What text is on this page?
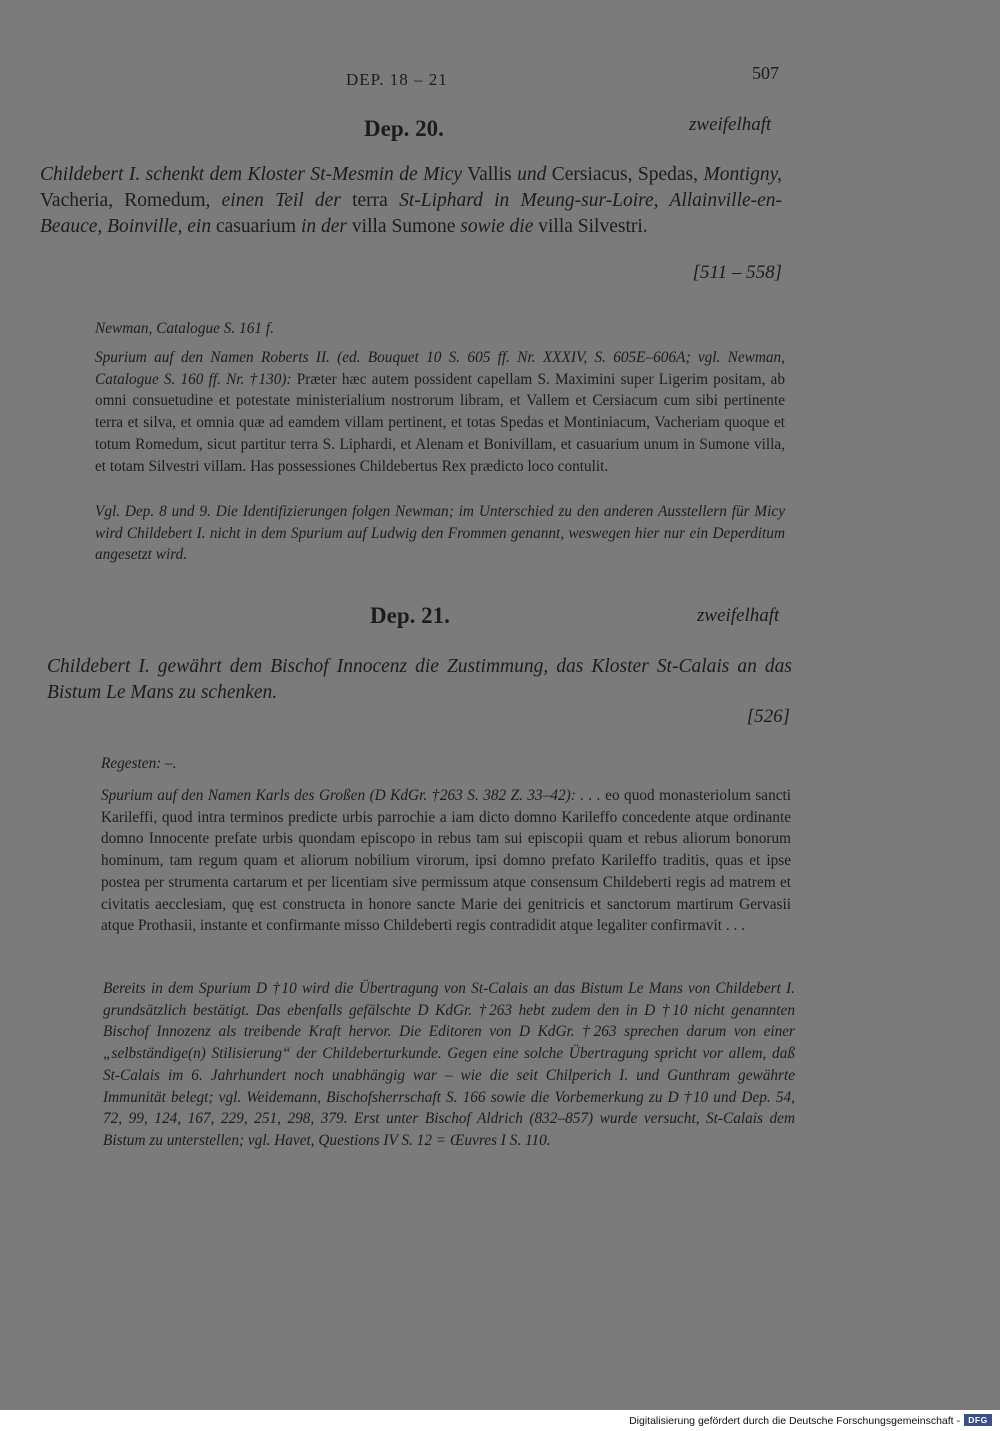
DEP. 18 – 21	507
Dep. 20.	zweifelhaft
Childebert I. schenkt dem Kloster St-Mesmin de Micy Vallis und Cersiacus, Spedas, Montigny, Vacheria, Romedum, einen Teil der terra St-Liphard in Meung-sur-Loire, Allainville-en-Beauce, Boinville, ein casuarium in der villa Sumone sowie die villa Silvestri.
[511 – 558]
Newman, Catalogue S. 161 f.
Spurium auf den Namen Roberts II. (ed. Bouquet 10 S. 605 ff. Nr. XXXIV, S. 605E–606A; vgl. Newman, Catalogue S. 160 ff. Nr. †130): Præter hæc autem possident capellam S. Maximini super Ligerim positam, ab omni consuetudine et potestate ministerialium nostrorum libram, et Vallem et Cersiacum cum sibi pertinente terra et silva, et omnia quæ ad eamdem villam pertinent, et totas Spedas et Montiniacum, Vacheriam quoque et totum Romedum, sicut partitur terra S. Liphardi, et Alenam et Bonivillam, et casuarium unum in Sumone villa, et totam Silvestri villam. Has possessiones Childebertus Rex prædicto loco contulit.
Vgl. Dep. 8 und 9. Die Identifizierungen folgen Newman; im Unterschied zu den anderen Ausstellern für Micy wird Childebert I. nicht in dem Spurium auf Ludwig den Frommen genannt, weswegen hier nur ein Deperditum angesetzt wird.
Dep. 21.	zweifelhaft
Childebert I. gewährt dem Bischof Innocenz die Zustimmung, das Kloster St-Calais an das Bistum Le Mans zu schenken.
[526]
Regesten: –.
Spurium auf den Namen Karls des Großen (D KdGr. †263 S. 382 Z. 33–42): . . . eo quod monasteriolum sancti Karileffi, quod intra terminos predicte urbis parrochie a iam dicto domno Karileffo concedente atque ordinante domno Innocente prefate urbis quondam episcopo in rebus tam sui episcopii quam et rebus aliorum bonorum hominum, tam regum quam et aliorum nobilium virorum, ipsi domno prefato Karileffo traditis, quas et ipse postea per strumenta cartarum et per licentiam sive permissum atque consensum Childeberti regis ad matrem et civitatis aecclesiam, quę est constructa in honore sancte Marie dei genitricis et sanctorum martirum Gervasii atque Prothasii, instante et confirmante misso Childeberti regis contradidit atque legaliter confirmavit . . .
Bereits in dem Spurium D †10 wird die Übertragung von St-Calais an das Bistum Le Mans von Childebert I. grundsätzlich bestätigt. Das ebenfalls gefälschte D KdGr. †263 hebt zudem den in D †10 nicht genannten Bischof Innozenz als treibende Kraft hervor. Die Editoren von D KdGr. †263 sprechen darum von einer „selbständige(n) Stilisierung“ der Childeberturkunde. Gegen eine solche Übertragung spricht vor allem, daß St-Calais im 6. Jahrhundert noch unabhängig war – wie die seit Chilperich I. und Gunthram gewährte Immunität belegt; vgl. Weidemann, Bischofsherrschaft S. 166 sowie die Vorbemerkung zu D †10 und Dep. 54, 72, 99, 124, 167, 229, 251, 298, 379. Erst unter Bischof Aldrich (832–857) wurde versucht, St-Calais dem Bistum zu unterstellen; vgl. Havet, Questions IV S. 12 = Œuvres I S. 110.
Digitalisierung gefördert durch die Deutsche Forschungsgemeinschaft - DFG
